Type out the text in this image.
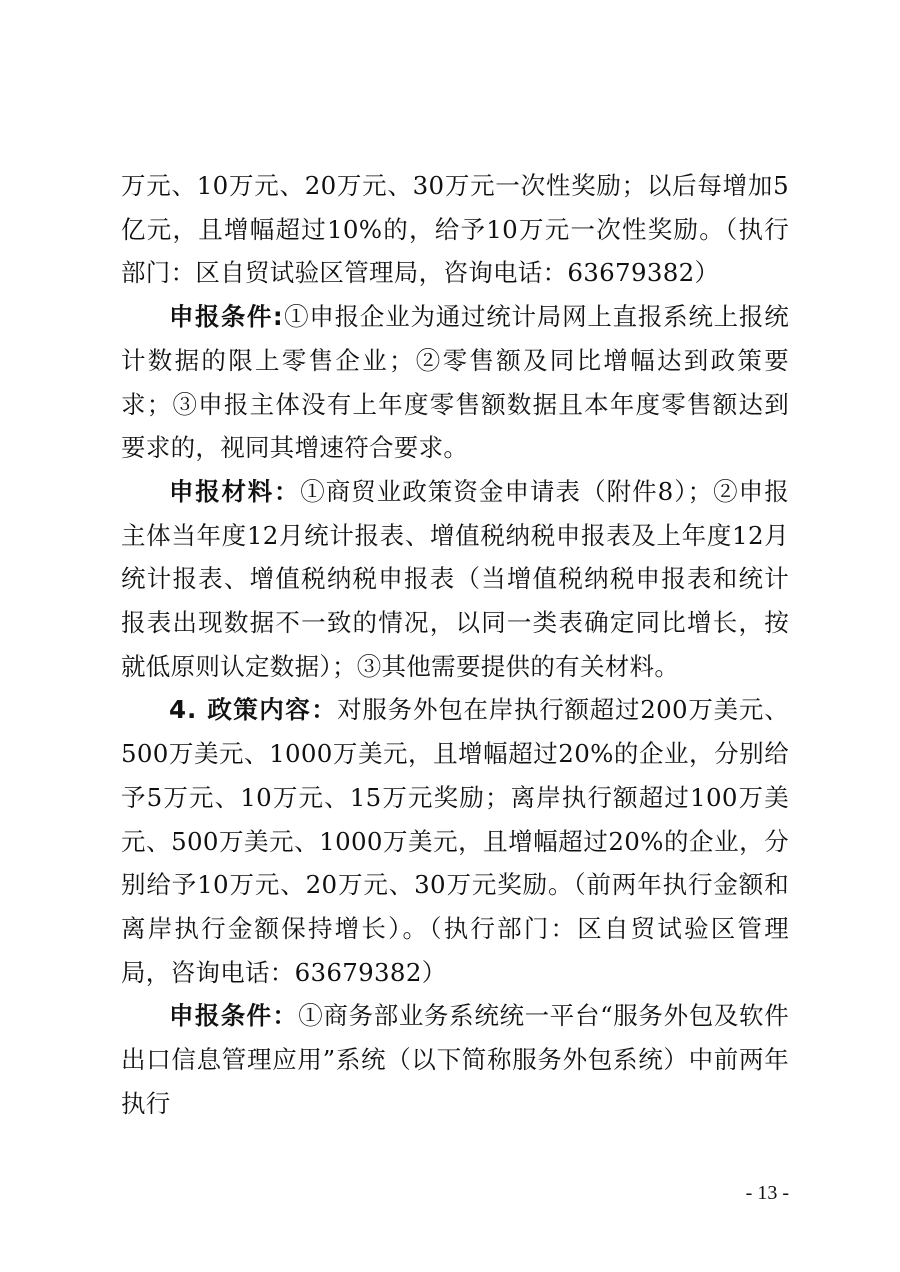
万元、10万元、20万元、30万元一次性奖励；以后每增加5亿元，且增幅超过10%的，给予10万元一次性奖励。（执行部门：区自贸试验区管理局，咨询电话：63679382）

申报条件:①申报企业为通过统计局网上直报系统上报统计数据的限上零售企业；②零售额及同比增幅达到政策要求；③申报主体没有上年度零售额数据且本年度零售额达到要求的，视同其增速符合要求。

申报材料：①商贸业政策资金申请表（附件8）；②申报主体当年度12月统计报表、增值税纳税申报表及上年度12月统计报表、增值税纳税申报表（当增值税纳税申报表和统计报表出现数据不一致的情况，以同一类表确定同比增长，按就低原则认定数据）；③其他需要提供的有关材料。

4. 政策内容：对服务外包在岸执行额超过200万美元、500万美元、1000万美元，且增幅超过20%的企业，分别给予5万元、10万元、15万元奖励；离岸执行额超过100万美元、500万美元、1000万美元，且增幅超过20%的企业，分别给予10万元、20万元、30万元奖励。（前两年执行金额和离岸执行金额保持增长）。（执行部门：区自贸试验区管理局，咨询电话：63679382）

申报条件：①商务部业务系统统一平台“服务外包及软件出口信息管理应用”系统（以下简称服务外包系统）中前两年执行

- 13 -
